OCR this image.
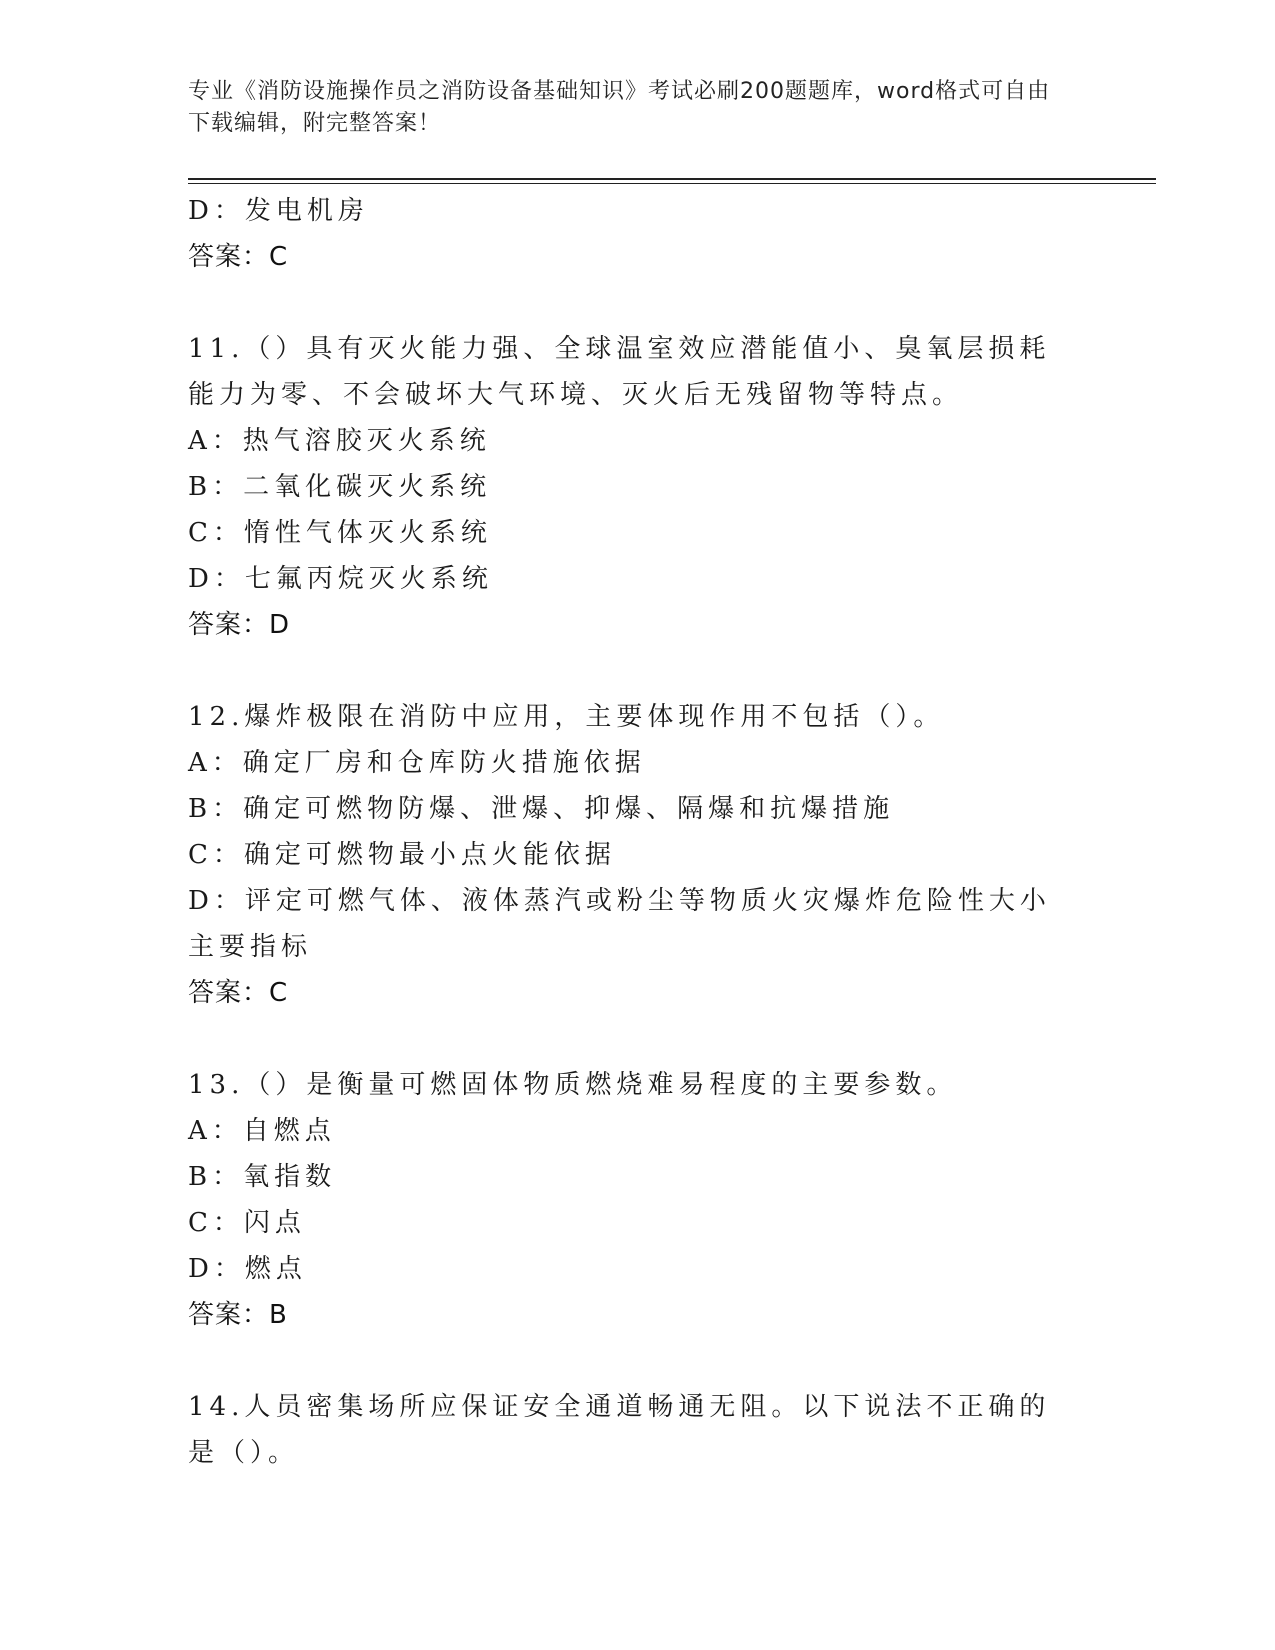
专业《消防设施操作员之消防设备基础知识》考试必刷200题题库，word格式可自由下载编辑，附完整答案！
D：发电机房
答案：C
11.（）具有灭火能力强、全球温室效应潜能值小、臭氧层损耗能力为零、不会破坏大气环境、灭火后无残留物等特点。
A：热气溶胶灭火系统
B：二氧化碳灭火系统
C：惰性气体灭火系统
D：七氟丙烷灭火系统
答案：D
12.爆炸极限在消防中应用，主要体现作用不包括（）。
A：确定厂房和仓库防火措施依据
B：确定可燃物防爆、泄爆、抑爆、隔爆和抗爆措施
C：确定可燃物最小点火能依据
D：评定可燃气体、液体蒸汽或粉尘等物质火灾爆炸危险性大小主要指标
答案：C
13.（）是衡量可燃固体物质燃烧难易程度的主要参数。
A：自燃点
B：氧指数
C：闪点
D：燃点
答案：B
14.人员密集场所应保证安全通道畅通无阻。以下说法不正确的是（）。
